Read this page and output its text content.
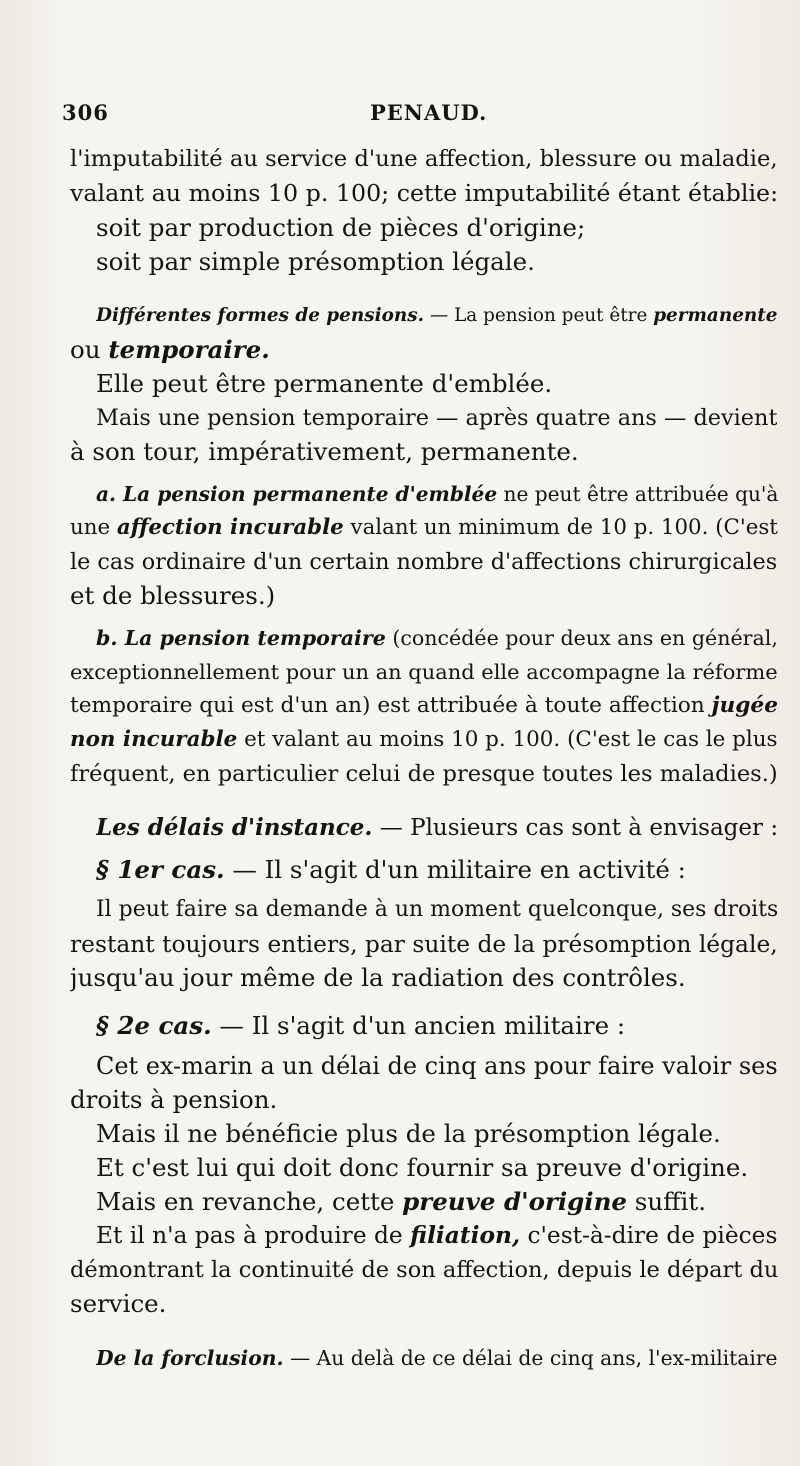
306	PENAUD.
l'imputabilité au service d'une affection, blessure ou maladie,
valant au moins 10 p. 100; cette imputabilité étant établie:
soit par production de pièces d'origine;
soit par simple présomption légale.
Différentes formes de pensions. — La pension peut être permanente
ou temporaire.
Elle peut être permanente d'emblée.
Mais une pension temporaire — après quatre ans — devient
à son tour, impérativement, permanente.
a. La pension permanente d'emblée ne peut être attribuée qu'à
une affection incurable valant un minimum de 10 p. 100. (C'est
le cas ordinaire d'un certain nombre d'affections chirurgicales
et de blessures.)
b. La pension temporaire (concédée pour deux ans en général,
exceptionnellement pour un an quand elle accompagne la réforme
temporaire qui est d'un an) est attribuée à toute affection jugée
non incurable et valant au moins 10 p. 100. (C'est le cas le plus
fréquent, en particulier celui de presque toutes les maladies.)
Les délais d'instance. — Plusieurs cas sont à envisager :
§ 1er cas. — Il s'agit d'un militaire en activité :
Il peut faire sa demande à un moment quelconque, ses droits
restant toujours entiers, par suite de la présomption légale,
jusqu'au jour même de la radiation des contrôles.
§ 2e cas. — Il s'agit d'un ancien militaire :
Cet ex-marin a un délai de cinq ans pour faire valoir ses
droits à pension.
Mais il ne bénéficie plus de la présomption légale.
Et c'est lui qui doit donc fournir sa preuve d'origine.
Mais en revanche, cette preuve d'origine suffit.
Et il n'a pas à produire de filiation, c'est-à-dire de pièces
démontrant la continuité de son affection, depuis le départ du
service.
De la forclusion. — Au delà de ce délai de cinq ans, l'ex-militaire
